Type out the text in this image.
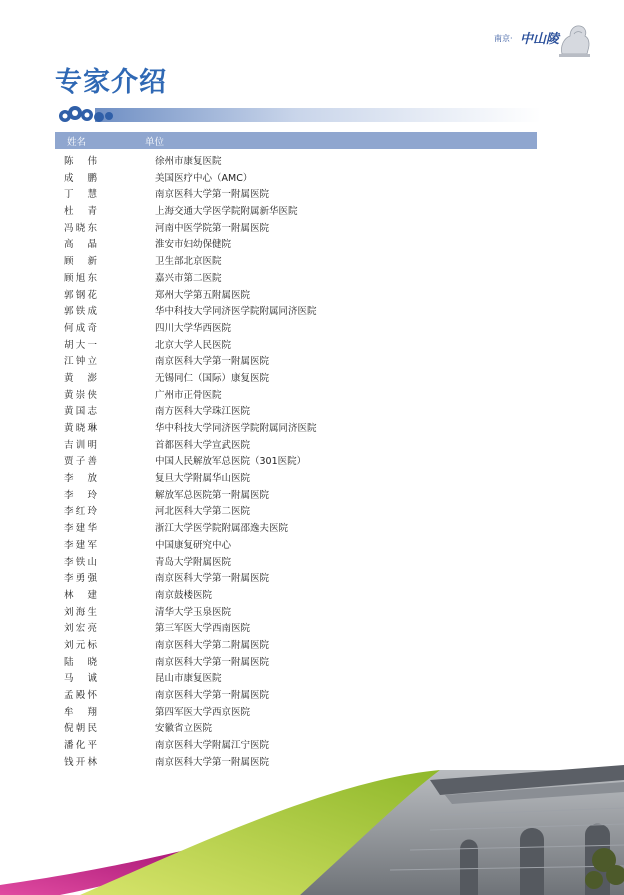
南京· 中山陵
专家介绍
姓名	单位
陈　伟	徐州市康复医院
成　鹏	美国医疗中心（AMC）
丁　慧	南京医科大学第一附属医院
杜　青	上海交通大学医学院附属新华医院
冯晓东	河南中医学院第一附属医院
高　晶	淮安市妇幼保健院
顾　新	卫生部北京医院
顾旭东	嘉兴市第二医院
郭钢花	郑州大学第五附属医院
郭铁成	华中科技大学同济医学院附属同济医院
何成奇	四川大学华西医院
胡大一	北京大学人民医院
江钟立	南京医科大学第一附属医院
黄　澎	无锡同仁（国际）康复医院
黄崇侠	广州市正骨医院
黄国志	南方医科大学珠江医院
黄晓琳	华中科技大学同济医学院附属同济医院
吉训明	首都医科大学宣武医院
贾子善	中国人民解放军总医院（301医院）
李　放	复旦大学附属华山医院
李　玲	解放军总医院第一附属医院
李红玲	河北医科大学第二医院
李建华	浙江大学医学院附属邵逸夫医院
李建军	中国康复研究中心
李铁山	青岛大学附属医院
李勇强	南京医科大学第一附属医院
林　建	南京鼓楼医院
刘海生	清华大学玉泉医院
刘宏亮	第三军医大学西南医院
刘元标	南京医科大学第二附属医院
陆　晓	南京医科大学第一附属医院
马　诚	昆山市康复医院
孟殿怀	南京医科大学第一附属医院
牟　翔	第四军医大学西京医院
倪朝民	安徽省立医院
潘化平	南京医科大学附属江宁医院
钱开林	南京医科大学第一附属医院
